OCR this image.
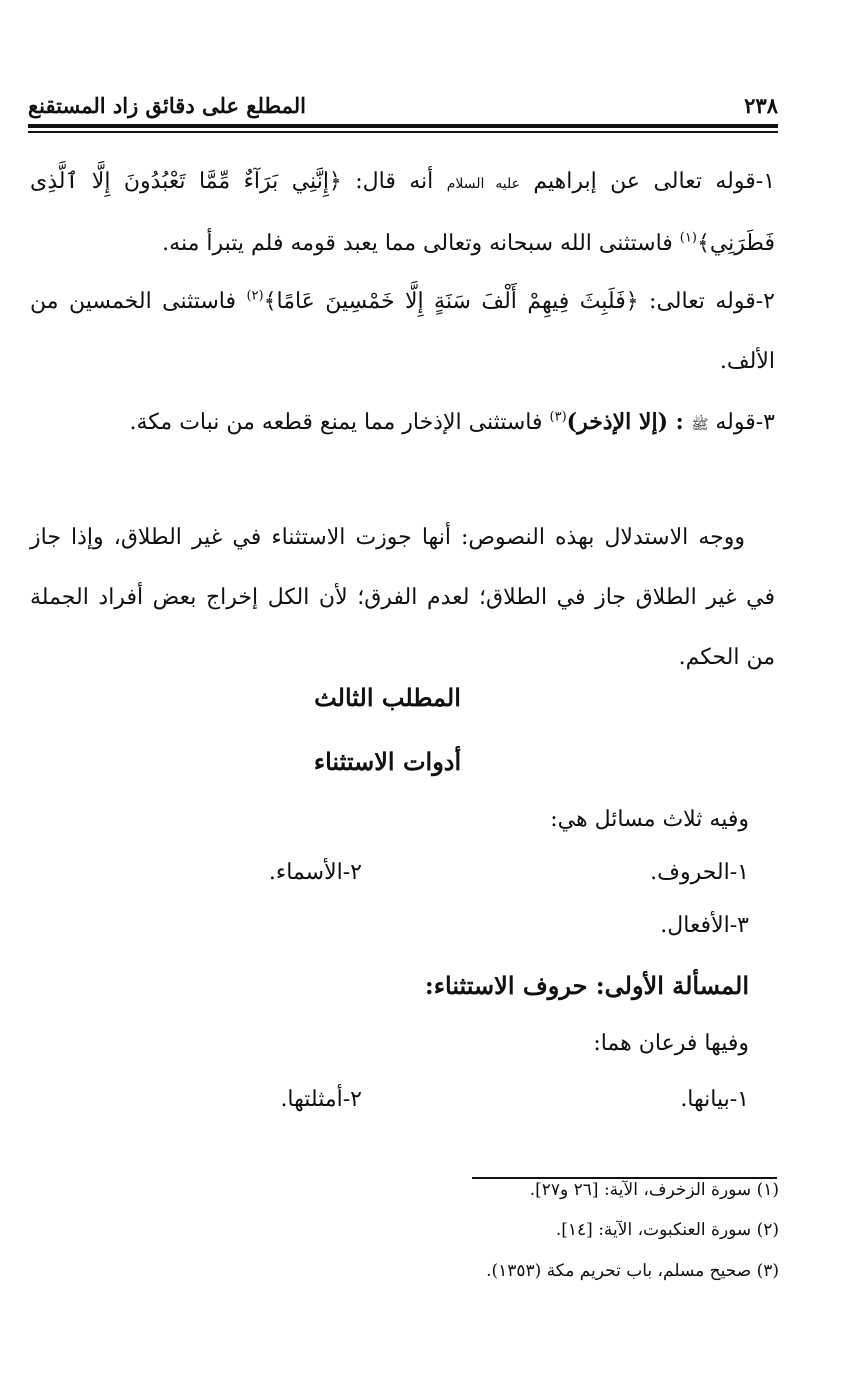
٢٣٨
المطلع على دقائق زاد المستقنع
١-قوله تعالى عن إبراهيم عليه السلام أنه قال: ﴿إِنَّنِي بَرَآءٌ مِّمَّا تَعْبُدُونَ إِلَّا ٱلَّذِى فَطَرَنِي﴾$^{(١)}$ فاستثنى الله سبحانه وتعالى مما يعبد قومه فلم يتبرأ منه.
٢-قوله تعالى: ﴿فَلَبِثَ فِيهِمْ أَلْفَ سَنَةٍ إِلَّا خَمْسِينَ عَامًا﴾$^{(٢)}$ فاستثنى الخمسين من الألف.
٣-قوله ﷺ : (إلا الإذخر)$^{(٣)}$ فاستثنى الإذخار مما يمنع قطعه من نبات مكة.
ووجه الاستدلال بهذه النصوص: أنها جوزت الاستثناء في غير الطلاق، وإذا جاز في غير الطلاق جاز في الطلاق؛ لعدم الفرق؛ لأن الكل إخراج بعض أفراد الجملة من الحكم.
المطلب الثالث
أدوات الاستثناء
وفيه ثلاث مسائل هي:
١-الحروف.
٢-الأسماء.
٣-الأفعال.
المسألة الأولى: حروف الاستثناء:
وفيها فرعان هما:
١-بيانها.
٢-أمثلتها.
(١) سورة الزخرف، الآية: [٢٦ و٢٧].
(٢) سورة العنكبوت، الآية: [١٤].
(٣) صحيح مسلم، باب تحريم مكة (١٣٥٣).
